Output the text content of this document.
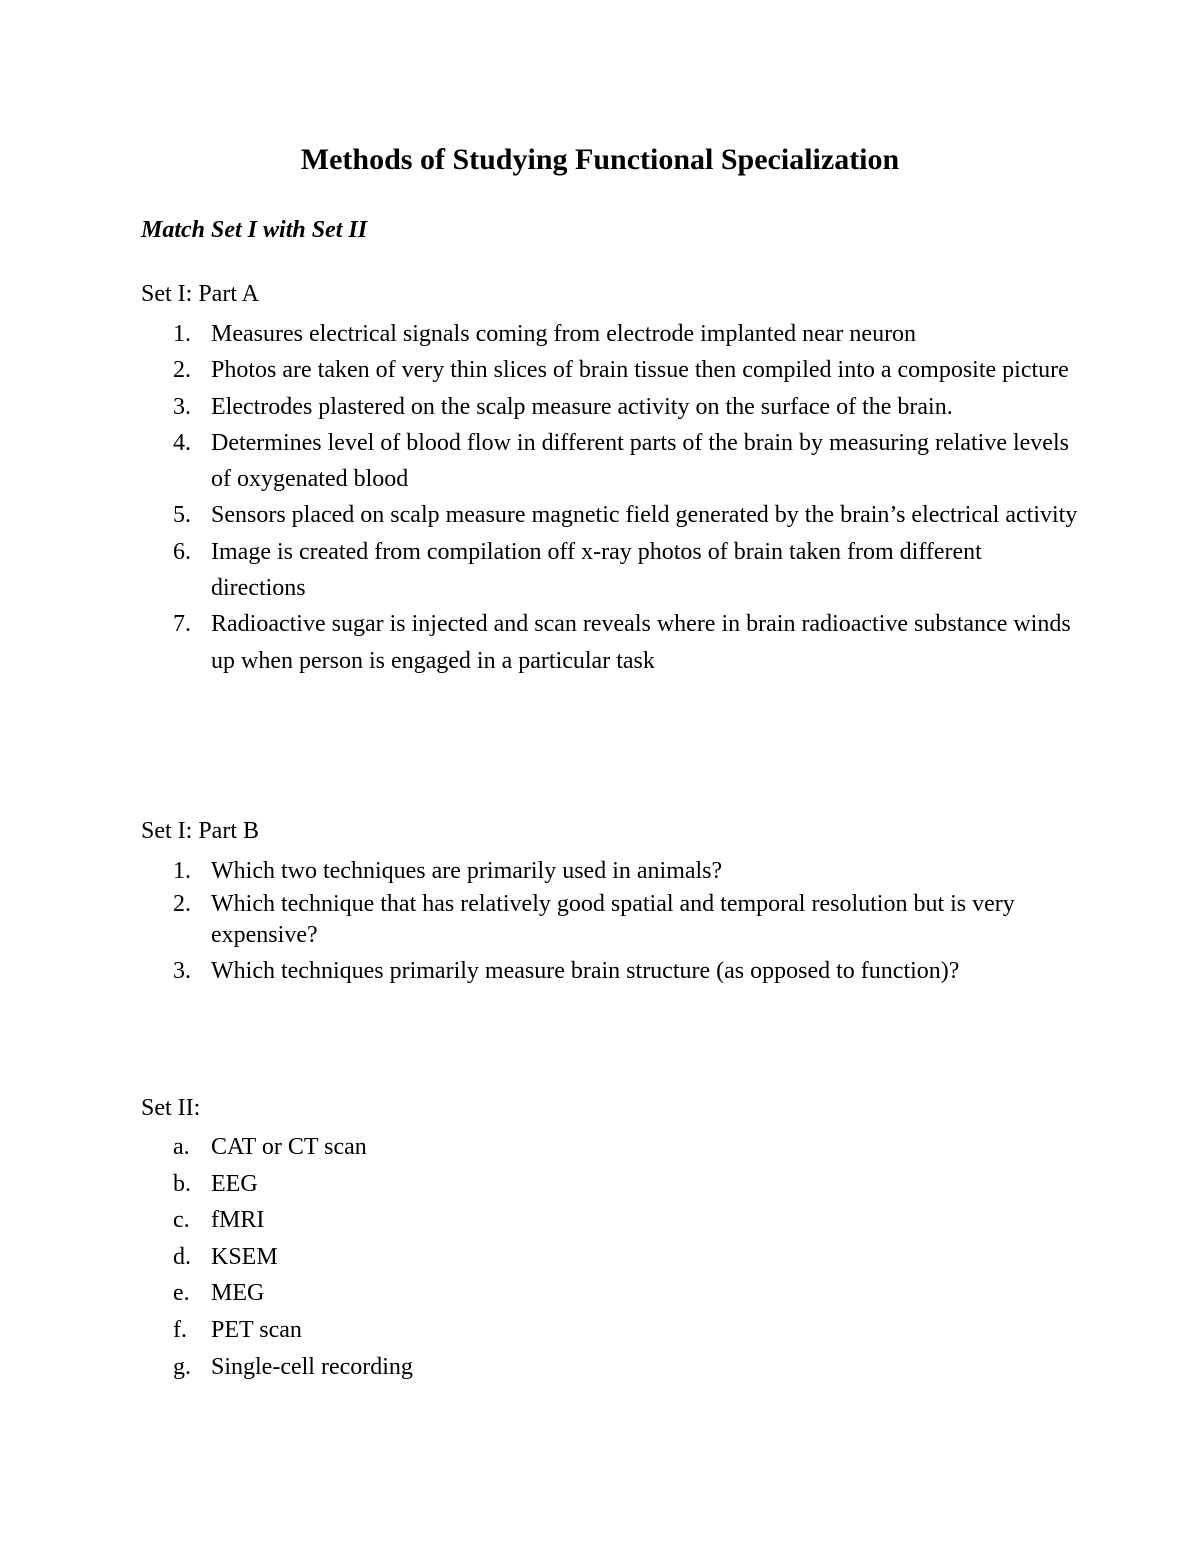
Methods of Studying Functional Specialization

Match Set I with Set II

Set I: Part A

1. Measures electrical signals coming from electrode implanted near neuron
2. Photos are taken of very thin slices of brain tissue then compiled into a composite picture
3. Electrodes plastered on the scalp measure activity on the surface of the brain.
4. Determines level of blood flow in different parts of the brain by measuring relative levels of oxygenated blood
5. Sensors placed on scalp measure magnetic field generated by the brain’s electrical activity
6. Image is created from compilation off x-ray photos of brain taken from different directions
7. Radioactive sugar is injected and scan reveals where in brain radioactive substance winds up when person is engaged in a particular task

Set I: Part B

1. Which two techniques are primarily used in animals?
2. Which technique that has relatively good spatial and temporal resolution but is very expensive?
3. Which techniques primarily measure brain structure (as opposed to function)?

Set II:

a. CAT or CT scan
b. EEG
c. fMRI
d. KSEM
e. MEG
f. PET scan
g. Single-cell recording
